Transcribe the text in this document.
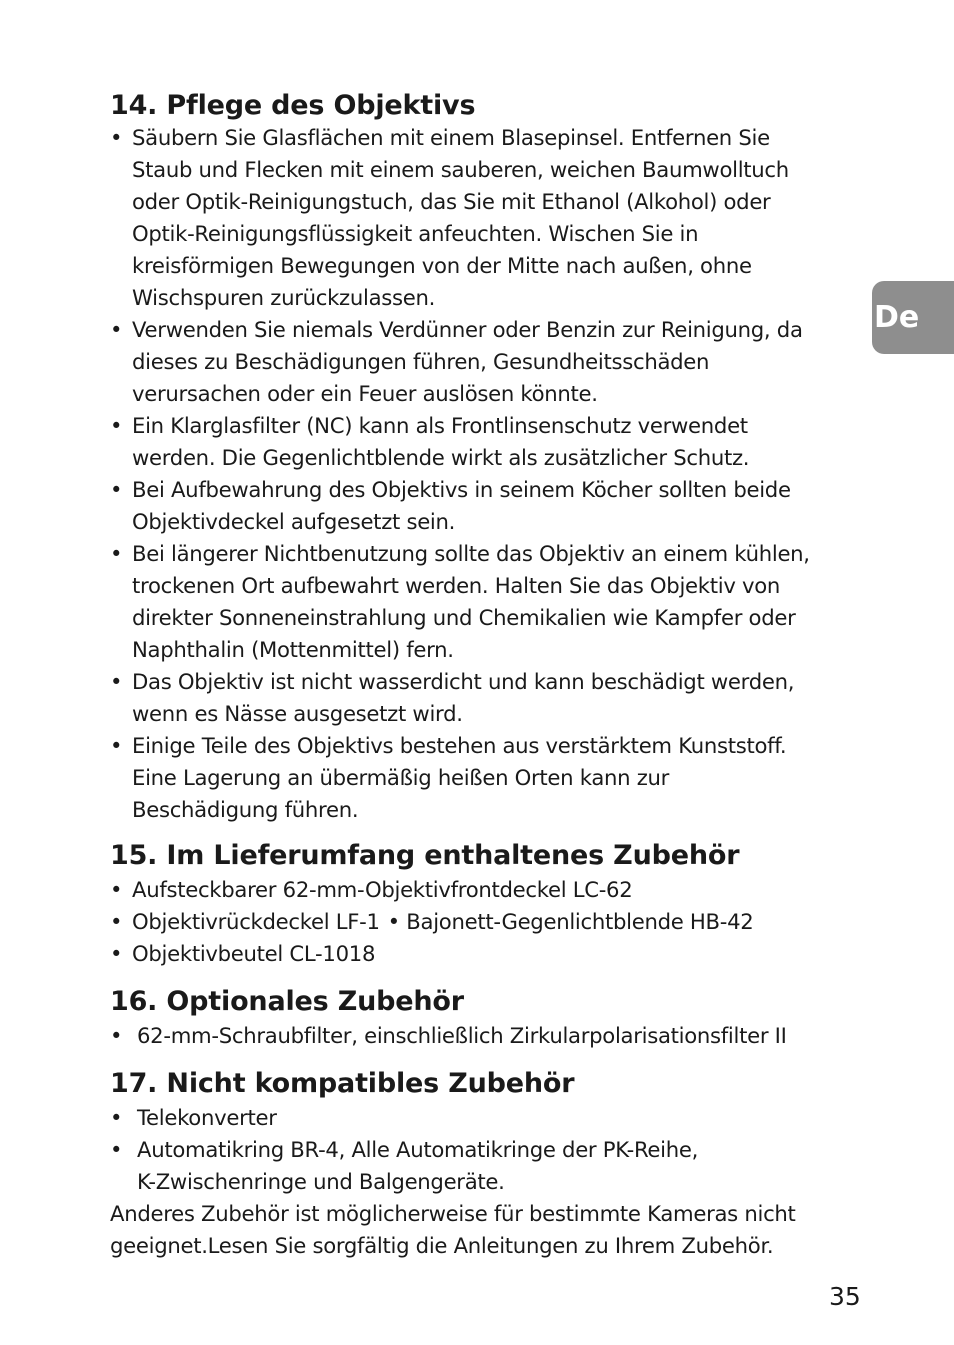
De
14. Pflege des Objektivs
• Säubern Sie Glasflächen mit einem Blasepinsel. Entfernen Sie
Staub und Flecken mit einem sauberen, weichen Baumwolltuch
oder Optik-Reinigungstuch, das Sie mit Ethanol (Alkohol) oder
Optik-Reinigungsflüssigkeit anfeuchten. Wischen Sie in
kreisförmigen Bewegungen von der Mitte nach außen, ohne
Wischspuren zurückzulassen.
• Verwenden Sie niemals Verdünner oder Benzin zur Reinigung, da
dieses zu Beschädigungen führen, Gesundheitsschäden
verursachen oder ein Feuer auslösen könnte.
• Ein Klarglasfilter (NC) kann als Frontlinsenschutz verwendet
werden. Die Gegenlichtblende wirkt als zusätzlicher Schutz.
• Bei Aufbewahrung des Objektivs in seinem Köcher sollten beide
Objektivdeckel aufgesetzt sein.
• Bei längerer Nichtbenutzung sollte das Objektiv an einem kühlen,
trockenen Ort aufbewahrt werden. Halten Sie das Objektiv von
direkter Sonneneinstrahlung und Chemikalien wie Kampfer oder
Naphthalin (Mottenmittel) fern.
• Das Objektiv ist nicht wasserdicht und kann beschädigt werden,
wenn es Nässe ausgesetzt wird.
• Einige Teile des Objektivs bestehen aus verstärktem Kunststoff.
Eine Lagerung an übermäßig heißen Orten kann zur
Beschädigung führen.
15. Im Lieferumfang enthaltenes Zubehör
• Aufsteckbarer 62-mm-Objektivfrontdeckel LC-62
• Objektivrückdeckel LF-1 • Bajonett-Gegenlichtblende HB-42
• Objektivbeutel CL-1018
16. Optionales Zubehör
• 62-mm-Schraubfilter, einschließlich Zirkularpolarisationsfilter II
17. Nicht kompatibles Zubehör
• Telekonverter
• Automatikring BR-4, Alle Automatikringe der PK-Reihe,
K-Zwischenringe und Balgengeräte.

Anderes Zubehör ist möglicherweise für bestimmte Kameras nicht
geeignet.Lesen Sie sorgfältig die Anleitungen zu Ihrem Zubehör.

35
